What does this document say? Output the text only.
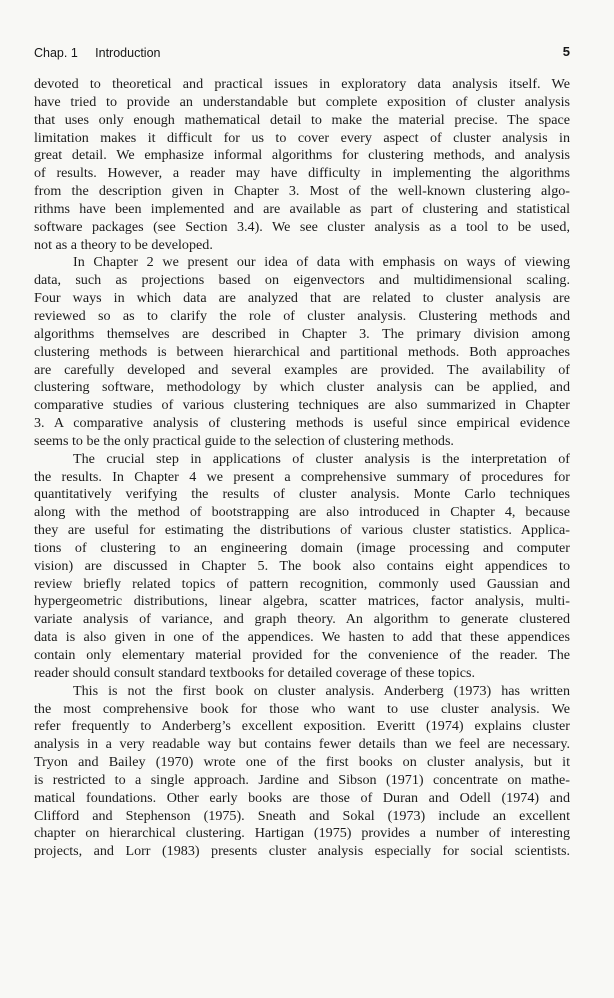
Chap. 1 Introduction	5
devoted to theoretical and practical issues in exploratory data analysis itself. We
have tried to provide an understandable but complete exposition of cluster analysis
that uses only enough mathematical detail to make the material precise. The space
limitation makes it difficult for us to cover every aspect of cluster analysis in
great detail. We emphasize informal algorithms for clustering methods, and analysis
of results. However, a reader may have difficulty in implementing the algorithms
from the description given in Chapter 3. Most of the well-known clustering algo-
rithms have been implemented and are available as part of clustering and statistical
software packages (see Section 3.4). We see cluster analysis as a tool to be used,
not as a theory to be developed.
In Chapter 2 we present our idea of data with emphasis on ways of viewing
data, such as projections based on eigenvectors and multidimensional scaling.
Four ways in which data are analyzed that are related to cluster analysis are
reviewed so as to clarify the role of cluster analysis. Clustering methods and
algorithms themselves are described in Chapter 3. The primary division among
clustering methods is between hierarchical and partitional methods. Both approaches
are carefully developed and several examples are provided. The availability of
clustering software, methodology by which cluster analysis can be applied, and
comparative studies of various clustering techniques are also summarized in Chapter
3. A comparative analysis of clustering methods is useful since empirical evidence
seems to be the only practical guide to the selection of clustering methods.
The crucial step in applications of cluster analysis is the interpretation of
the results. In Chapter 4 we present a comprehensive summary of procedures for
quantitatively verifying the results of cluster analysis. Monte Carlo techniques
along with the method of bootstrapping are also introduced in Chapter 4, because
they are useful for estimating the distributions of various cluster statistics. Applica-
tions of clustering to an engineering domain (image processing and computer
vision) are discussed in Chapter 5. The book also contains eight appendices to
review briefly related topics of pattern recognition, commonly used Gaussian and
hypergeometric distributions, linear algebra, scatter matrices, factor analysis, multi-
variate analysis of variance, and graph theory. An algorithm to generate clustered
data is also given in one of the appendices. We hasten to add that these appendices
contain only elementary material provided for the convenience of the reader. The
reader should consult standard textbooks for detailed coverage of these topics.
This is not the first book on cluster analysis. Anderberg (1973) has written
the most comprehensive book for those who want to use cluster analysis. We
refer frequently to Anderberg’s excellent exposition. Everitt (1974) explains cluster
analysis in a very readable way but contains fewer details than we feel are necessary.
Tryon and Bailey (1970) wrote one of the first books on cluster analysis, but it
is restricted to a single approach. Jardine and Sibson (1971) concentrate on mathe-
matical foundations. Other early books are those of Duran and Odell (1974) and
Clifford and Stephenson (1975). Sneath and Sokal (1973) include an excellent
chapter on hierarchical clustering. Hartigan (1975) provides a number of interesting
projects, and Lorr (1983) presents cluster analysis especially for social scientists.
